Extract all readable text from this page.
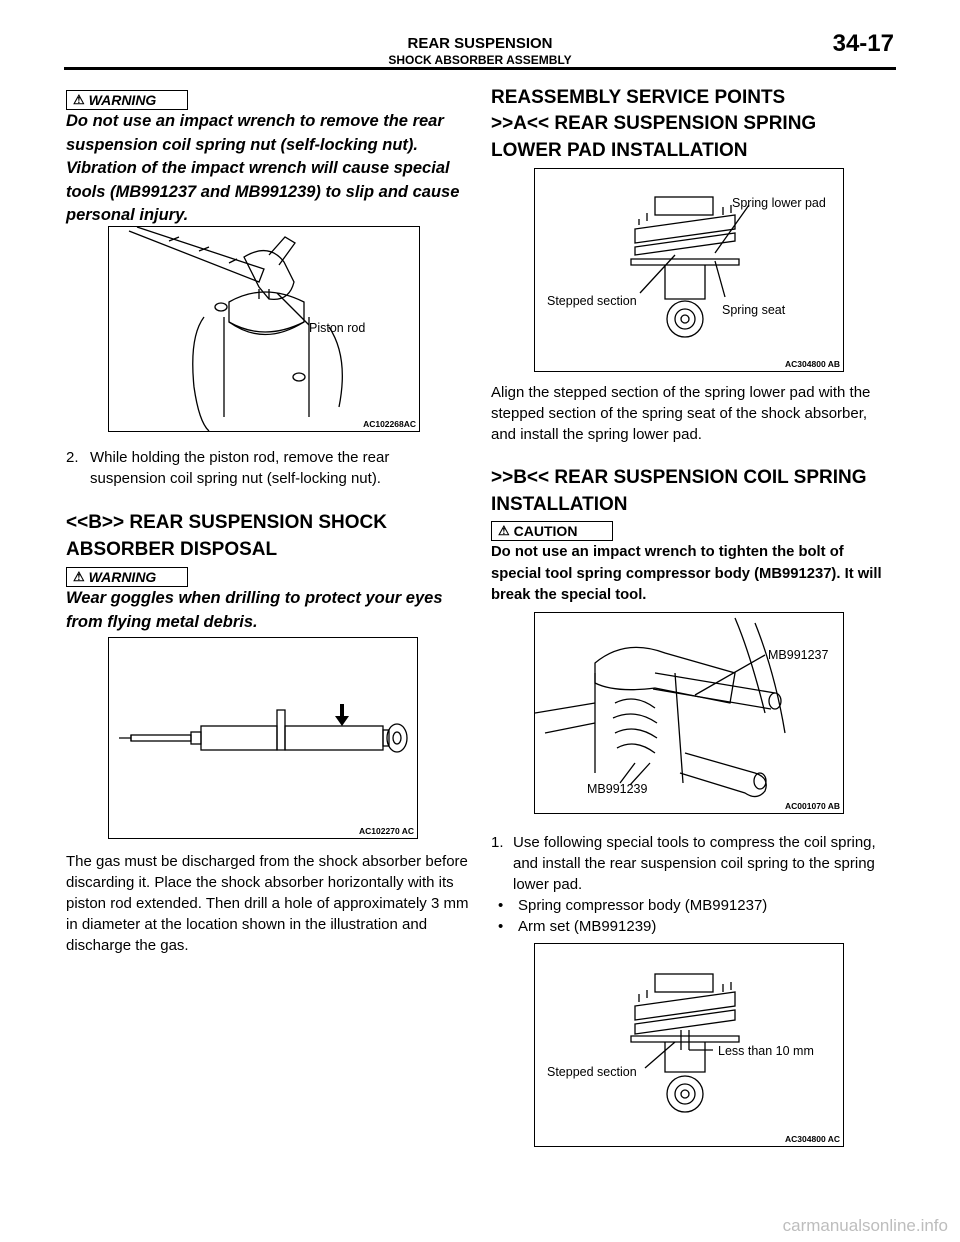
REAR SUSPENSION
SHOCK ABSORBER ASSEMBLY
34-17
⚠ WARNING
Do not use an impact wrench to remove the rear suspension coil spring nut (self-locking nut). Vibration of the impact wrench will cause special tools (MB991237 and MB991239) to slip and cause personal injury.
Piston rod
AC102268AC
2. While holding the piston rod, remove the rear suspension coil spring nut (self-locking nut).
<<B>> REAR SUSPENSION SHOCK ABSORBER DISPOSAL
⚠ WARNING
Wear goggles when drilling to protect your eyes from flying metal debris.
AC102270 AC
The gas must be discharged from the shock absorber before discarding it. Place the shock absorber horizontally with its piston rod extended. Then drill a hole of approximately 3 mm in diameter at the location shown in the illustration and discharge the gas.
REASSEMBLY SERVICE POINTS
>>A<< REAR SUSPENSION SPRING LOWER PAD INSTALLATION
Spring lower pad
Stepped section
Spring seat
AC304800 AB
Align the stepped section of the spring lower pad with the stepped section of the spring seat of the shock absorber, and install the spring lower pad.
>>B<< REAR SUSPENSION COIL SPRING INSTALLATION
⚠ CAUTION
Do not use an impact wrench to tighten the bolt of special tool spring compressor body (MB991237). It will break the special tool.
MB991237
MB991239
AC001070 AB
1. Use following special tools to compress the coil spring, and install the rear suspension coil spring to the spring lower pad.
• Spring compressor body (MB991237)
• Arm set (MB991239)
Less than 10 mm
Stepped section
AC304800 AC
carmanualsonline.info
